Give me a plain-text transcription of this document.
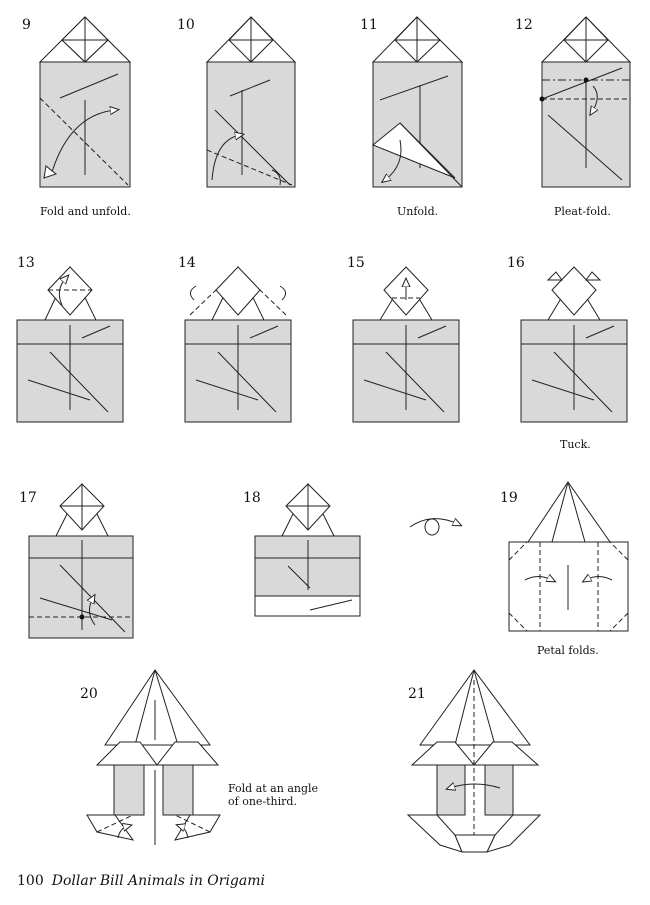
9	10	11	12
13	14	15	16
17	18	19
20	21
Fold and unfold.	Unfold.	Pleat-fold.
Tuck.
Petal folds.
Fold at an angle
of one-third.
100 Dollar Bill Animals in Origami
